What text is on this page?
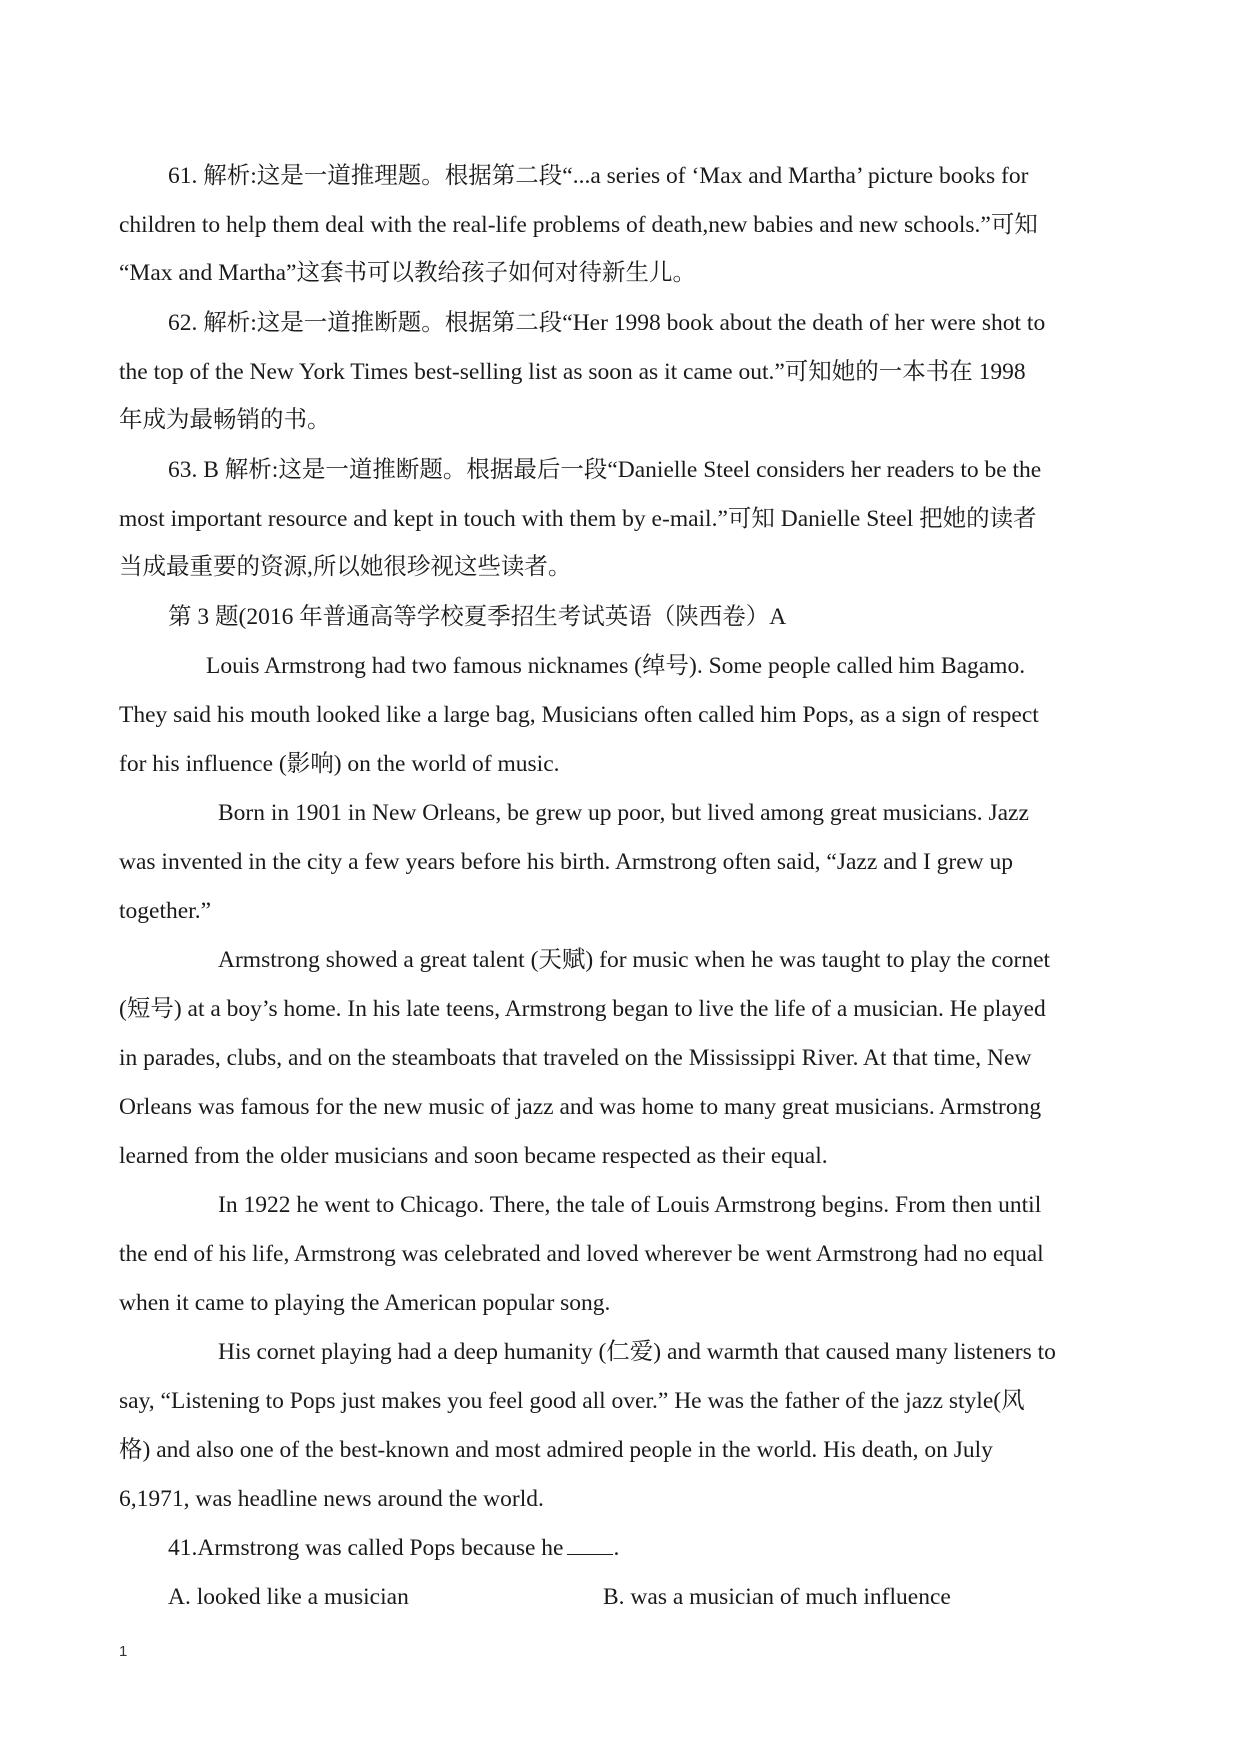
61. 解析:这是一道推理题。根据第二段“...a series of ‘Max and Martha’ picture books for
children to help them deal with the real-life problems of death,new babies and new schools.”可知
“Max and Martha”这套书可以教给孩子如何对待新生儿。
62. 解析:这是一道推断题。根据第二段“Her 1998 book about the death of her were shot to
the top of the New York Times best-selling list as soon as it came out.”可知她的一本书在 1998
年成为最畅销的书。
63. B 解析:这是一道推断题。根据最后一段“Danielle Steel considers her readers to be the
most important resource and kept in touch with them by e-mail.”可知 Danielle Steel 把她的读者
当成最重要的资源,所以她很珍视这些读者。
第 3 题(2016 年普通高等学校夏季招生考试英语（陕西卷）A
Louis Armstrong had two famous nicknames (绰号). Some people called him Bagamo.
They said his mouth looked like a large bag, Musicians often called him Pops, as a sign of respect
for his influence (影响) on the world of music.
Born in 1901 in New Orleans, be grew up poor, but lived among great musicians. Jazz
was invented in the city a few years before his birth. Armstrong often said, “Jazz and I grew up
together.”
Armstrong showed a great talent (天赋) for music when he was taught to play the cornet
(短号) at a boy’s home. In his late teens, Armstrong began to live the life of a musician. He played
in parades, clubs, and on the steamboats that traveled on the Mississippi River. At that time, New
Orleans was famous for the new music of jazz and was home to many great musicians. Armstrong
learned from the older musicians and soon became respected as their equal.
In 1922 he went to Chicago. There, the tale of Louis Armstrong begins. From then until
the end of his life, Armstrong was celebrated and loved wherever be went Armstrong had no equal
when it came to playing the American popular song.
His cornet playing had a deep humanity (仁爱) and warmth that caused many listeners to
say, “Listening to Pops just makes you feel good all over.” He was the father of the jazz style(风
格) and also one of the best-known and most admired people in the world. His death, on July
6,1971, was headline news around the world.
41.Armstrong was called Pops because he .
A. looked like a musician	B. was a musician of much influence
1
